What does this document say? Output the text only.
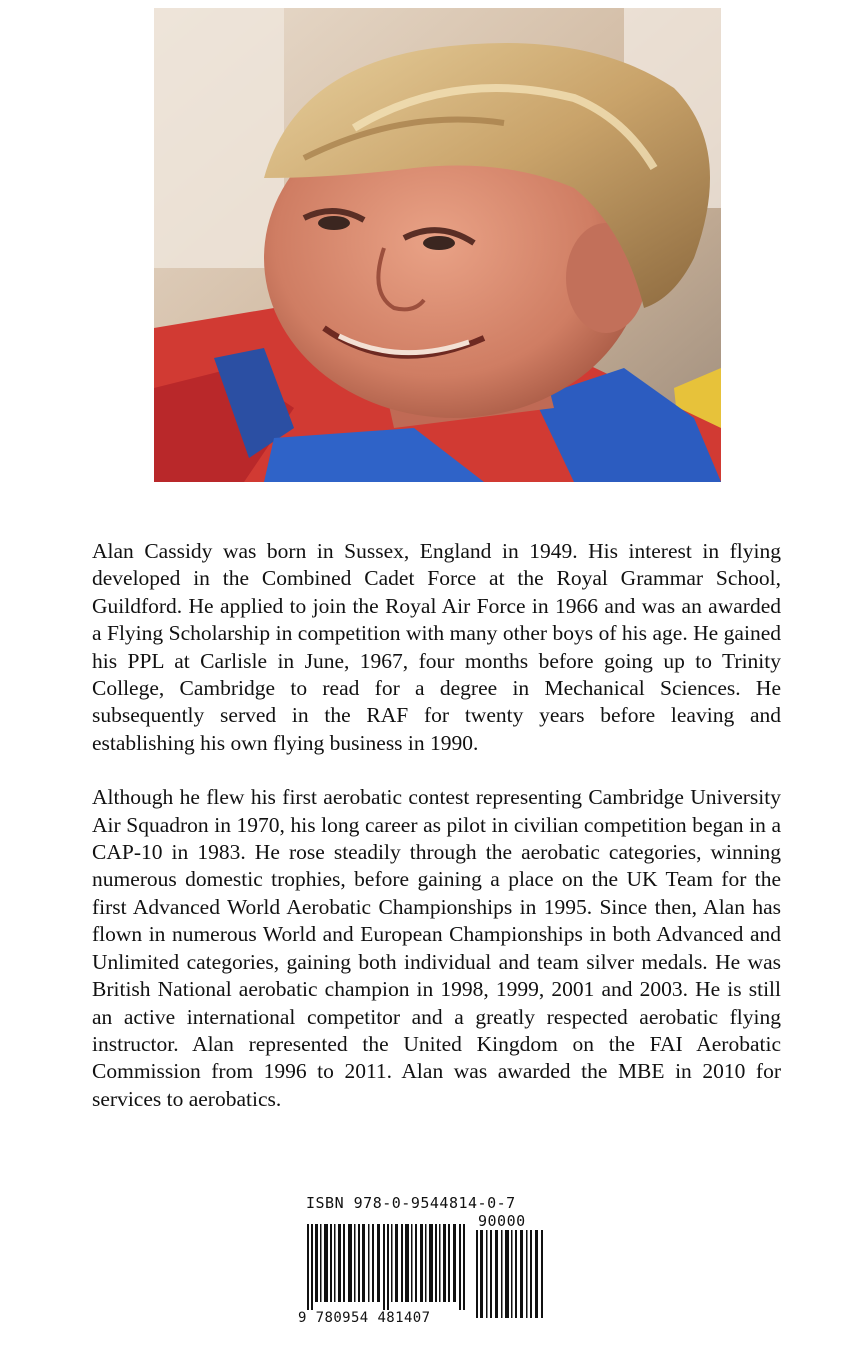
Alan Cassidy was born in Sussex, England in 1949. His interest in flying developed in the Combined Cadet Force at the Royal Grammar School, Guildford. He applied to join the Royal Air Force in 1966 and was an awarded a Flying Scholarship in competition with many other boys of his age. He gained his PPL at Carlisle in June, 1967, four months before going up to Trinity College, Cambridge to read for a degree in Mechanical Sciences. He subsequently served in the RAF for twenty years before leaving and establishing his own flying business in 1990.

Although he flew his first aerobatic contest representing Cambridge University Air Squadron in 1970, his long career as pilot in civilian competition began in a CAP-10 in 1983. He rose steadily through the aerobatic categories, winning numerous domestic trophies, before gaining a place on the UK Team for the first Advanced World Aerobatic Championships in 1995. Since then, Alan has flown in numerous World and European Championships in both Advanced and Unlimited categories, gaining both individual and team silver medals. He was British National aerobatic champion in 1998, 1999, 2001 and 2003. He is still an active international competitor and a greatly respected aerobatic flying instructor. Alan represented the United Kingdom on the FAI Aerobatic Commission from 1996 to 2011. Alan was awarded the MBE in 2010 for services to aerobatics.

ISBN 978-0-9544814-0-7
90000
9 780954 481407
